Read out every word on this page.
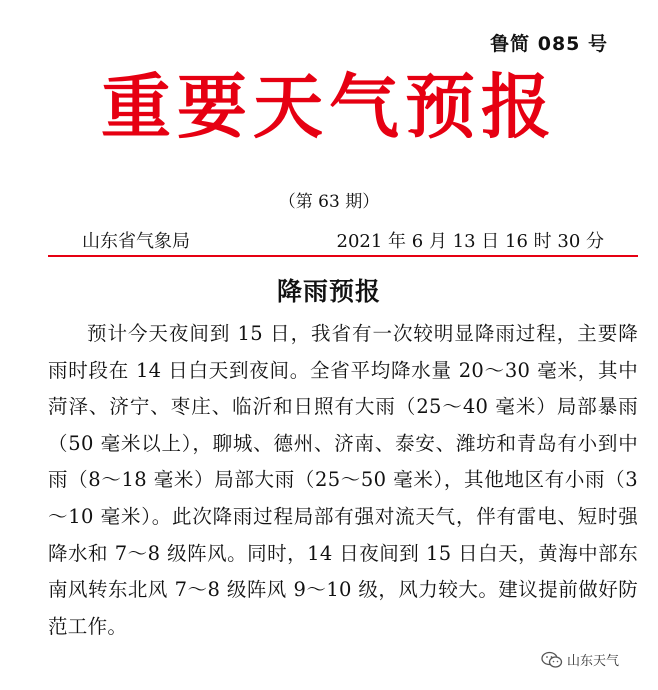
鲁简 085 号
重要天气预报
（第 63 期）
山东省气象局	2021 年 6 月 13 日 16 时 30 分
降雨预报

预计今天夜间到 15 日，我省有一次较明显降雨过程，主要降雨时段在 14 日白天到夜间。全省平均降水量 20～30 毫米，其中菏泽、济宁、枣庄、临沂和日照有大雨（25～40 毫米）局部暴雨（50 毫米以上），聊城、德州、济南、泰安、潍坊和青岛有小到中雨（8～18 毫米）局部大雨（25～50 毫米），其他地区有小雨（3～10 毫米）。此次降雨过程局部有强对流天气，伴有雷电、短时强降水和 7～8 级阵风。同时，14 日夜间到 15 日白天，黄海中部东南风转东北风 7～8 级阵风 9～10 级，风力较大。建议提前做好防范工作。

山东天气
